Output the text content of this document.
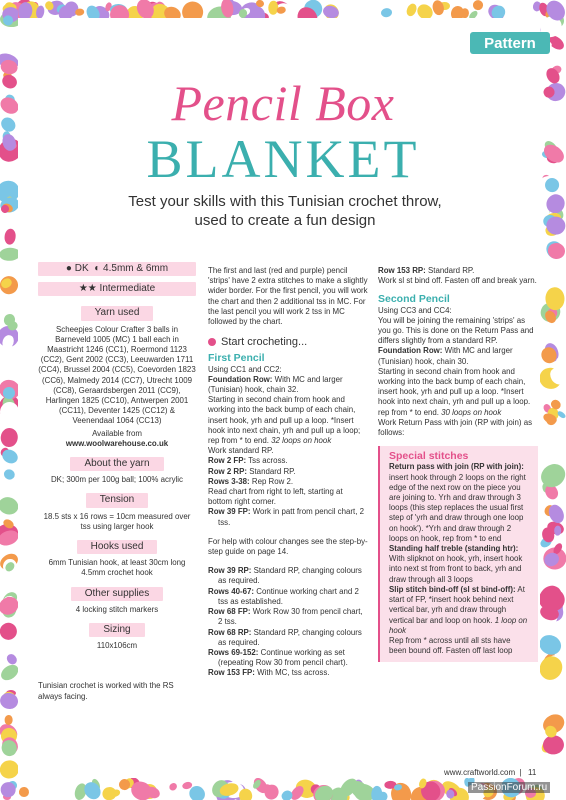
Pattern
Pencil Box
BLANKET
Test your skills with this Tunisian crochet throw, used to create a fun design
● DK ◐ 4.5mm & 6mm
★★ Intermediate
Yarn used

Scheepjes Colour Crafter 3 balls in Barneveld 1005 (MC) 1 ball each in Maastricht 1246 (CC1), Roermond 1123 (CC2), Gent 2002 (CC3), Leeuwarden 1711 (CC4), Brussel 2004 (CC5), Coevorden 1823 (CC6), Malmedy 2014 (CC7), Utrecht 1009 (CC8), Geraardsbergen 2011 (CC9), Harlingen 1825 (CC10), Antwerpen 2001 (CC11), Deventer 1425 (CC12) & Veenendaal 1064 (CC13)

Available from

www.woolwarehouse.co.uk

About the yarn

DK; 300m per 100g ball; 100% acrylic

Tension

18.5 sts x 16 rows = 10cm measured over tss using larger hook

Hooks used

6mm Tunisian hook, at least 30cm long 4.5mm crochet hook

Other supplies

4 locking stitch markers

Sizing

110x106cm

Tunisian crochet is worked with the RS always facing.

The first and last (red and purple) pencil 'strips' have 2 extra stitches to make a slightly wider border. For the first pencil, you will work the chart and then 2 additional tss in MC. For the last pencil you will work 2 tss in MC followed by the chart.

Start crocheting...
First Pencil

Using CC1 and CC2:

Foundation Row: With MC and larger (Tunisian) hook, chain 32.

Starting in second chain from hook and working into the back bump of each chain, insert hook, yrh and pull up a loop. *Insert hook into next chain, yrh and pull up a loop; rep from * to end. 32 loops on hook

Work standard RP.

Row 2 FP: Tss across.

Row 2 RP: Standard RP.

Rows 3-38: Rep Row 2.

Read chart from right to left, starting at bottom right corner.

Row 39 FP: Work in patt from pencil chart, 2 tss.

For help with colour changes see the step-by-step guide on page 14.

Row 39 RP: Standard RP, changing colours as required.

Rows 40-67: Continue working chart and 2 tss as established.

Row 68 FP: Work Row 30 from pencil chart, 2 tss.

Row 68 RP: Standard RP, changing colours as required.

Rows 69-152: Continue working as set (repeating Row 30 from pencil chart).

Row 153 FP: With MC, tss across.

Row 153 RP: Standard RP.

Work sl st bind off. Fasten off and break yarn.

Second Pencil

Using CC3 and CC4:

You will be joining the remaining 'strips' as you go. This is done on the Return Pass and differs slightly from a standard RP.

Foundation Row: With MC and larger (Tunisian) hook, chain 30.

Starting in second chain from hook and working into the back bump of each chain, insert hook, yrh and pull up a loop. *Insert hook into next chain, yrh and pull up a loop. rep from * to end. 30 loops on hook

Work Return Pass with join (RP with join) as follows:

Special stitches

Return pass with join (RP with join): insert hook through 2 loops on the right edge of the next row on the piece you are joining to. Yrh and draw through 3 loops (this step replaces the usual first step of 'yrh and draw through one loop on hook'). *Yrh and draw through 2 loops on hook, rep from * to end

Standing half treble (standing htr): With slipknot on hook, yrh, insert hook into next st from front to back, yrh and draw through all 3 loops

Slip stitch bind-off (sl st bind-off): At start of FP, *insert hook behind next vertical bar, yrh and draw through vertical bar and loop on hook. 1 loop on hook

Rep from * across until all sts have been bound off. Fasten off last loop

www.craftworld.com  | 11
PassionForum.ru
